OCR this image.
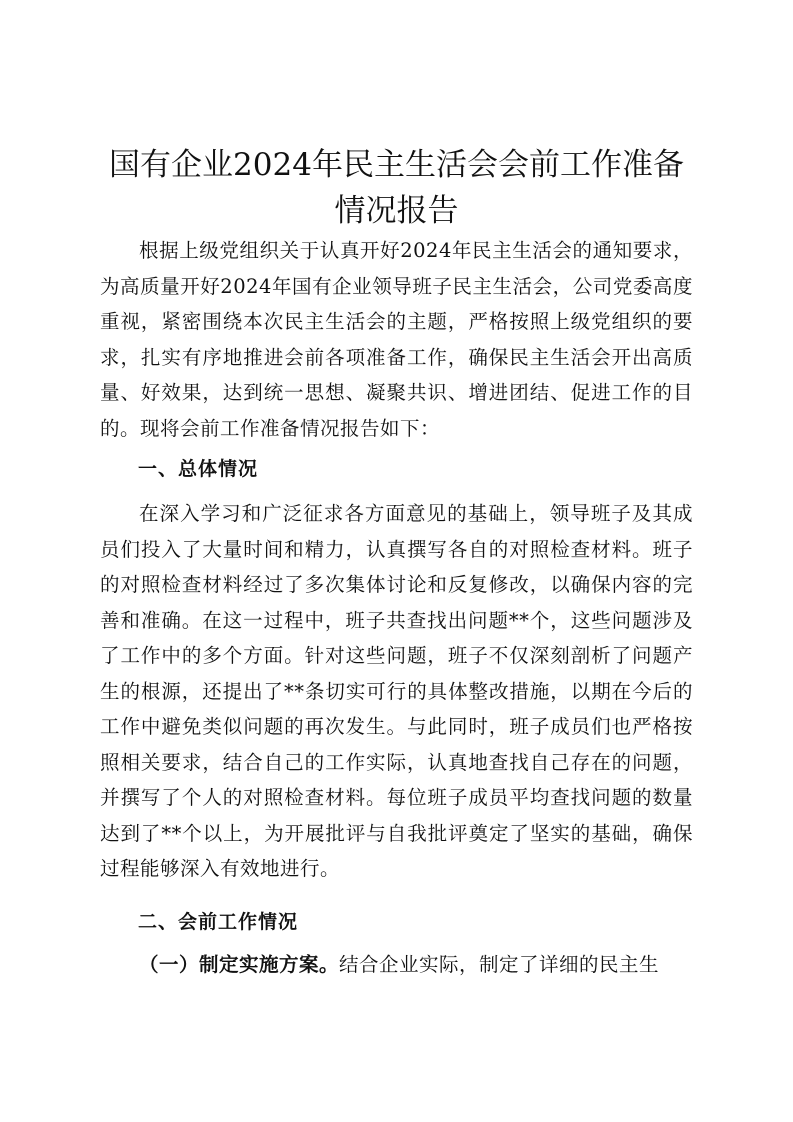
国有企业2024年民主生活会会前工作准备情况报告

根据上级党组织关于认真开好2024年民主生活会的通知要求，为高质量开好2024年国有企业领导班子民主生活会，公司党委高度重视，紧密围绕本次民主生活会的主题，严格按照上级党组织的要求，扎实有序地推进会前各项准备工作，确保民主生活会开出高质量、好效果，达到统一思想、凝聚共识、增进团结、促进工作的目的。现将会前工作准备情况报告如下：

一、总体情况

在深入学习和广泛征求各方面意见的基础上，领导班子及其成员们投入了大量时间和精力，认真撰写各自的对照检查材料。班子的对照检查材料经过了多次集体讨论和反复修改，以确保内容的完善和准确。在这一过程中，班子共查找出问题**个，这些问题涉及了工作中的多个方面。针对这些问题，班子不仅深刻剖析了问题产生的根源，还提出了**条切实可行的具体整改措施，以期在今后的工作中避免类似问题的再次发生。与此同时，班子成员们也严格按照相关要求，结合自己的工作实际，认真地查找自己存在的问题，并撰写了个人的对照检查材料。每位班子成员平均查找问题的数量达到了**个以上，为开展批评与自我批评奠定了坚实的基础，确保过程能够深入有效地进行。

二、会前工作情况

（一）制定实施方案。结合企业实际，制定了详细的民主生
